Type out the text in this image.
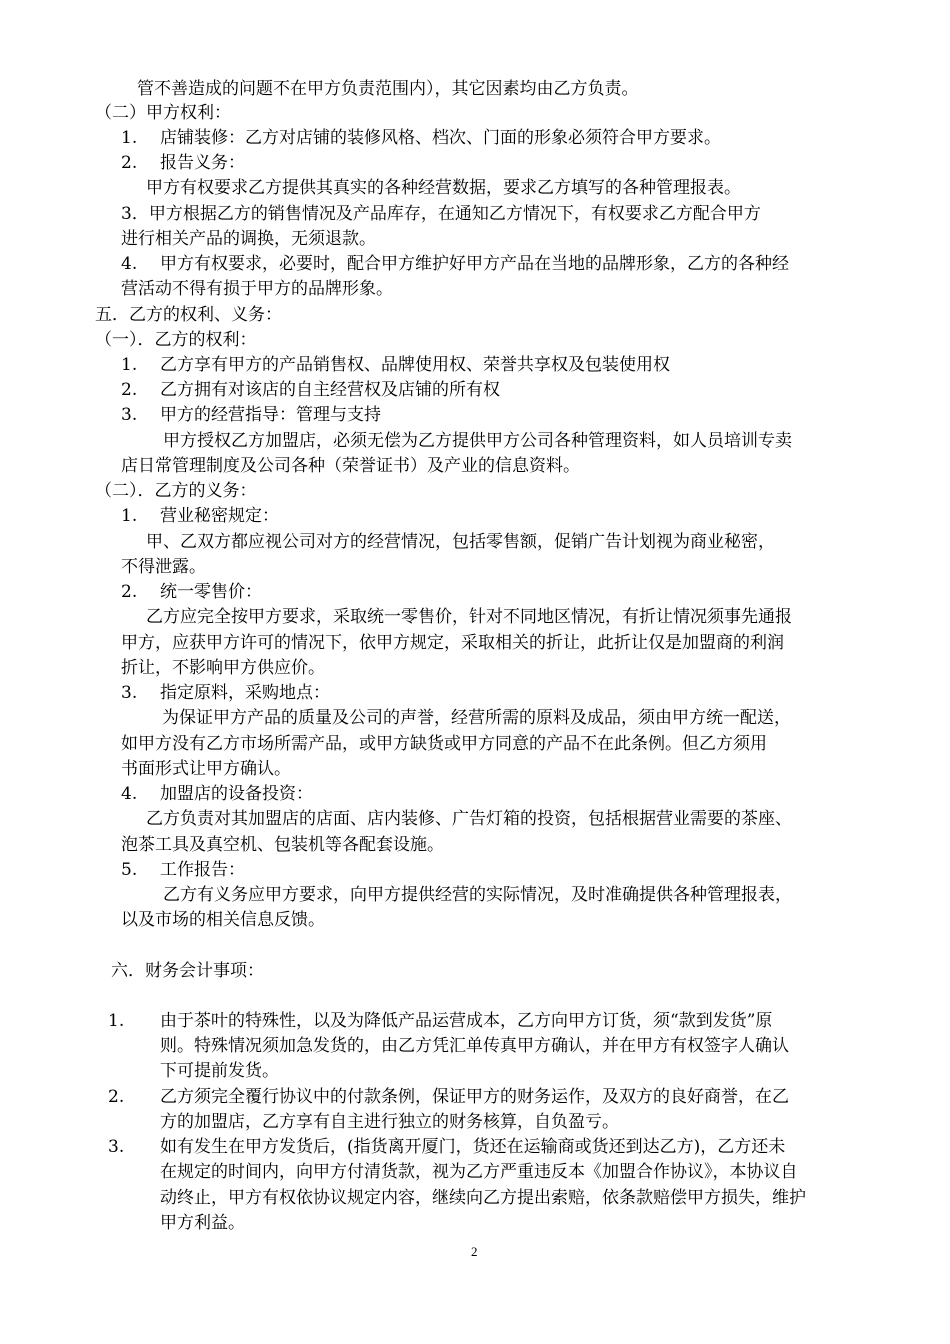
管不善造成的问题不在甲方负责范围内），其它因素均由乙方负责。
（二）甲方权利：
1. 店铺装修：乙方对店铺的装修风格、档次、门面的形象必须符合甲方要求。
2. 报告义务：
甲方有权要求乙方提供其真实的各种经营数据，要求乙方填写的各种管理报表。
3．甲方根据乙方的销售情况及产品库存，在通知乙方情况下，有权要求乙方配合甲方
进行相关产品的调换，无须退款。
4. 甲方有权要求，必要时，配合甲方维护好甲方产品在当地的品牌形象，乙方的各种经
营活动不得有损于甲方的品牌形象。
五．乙方的权利、义务：
（一）．乙方的权利：
1. 乙方享有甲方的产品销售权、品牌使用权、荣誉共享权及包装使用权
2. 乙方拥有对该店的自主经营权及店铺的所有权
3. 甲方的经营指导：管理与支持
甲方授权乙方加盟店，必须无偿为乙方提供甲方公司各种管理资料，如人员培训专卖
店日常管理制度及公司各种（荣誉证书）及产业的信息资料。
（二）．乙方的义务：
1. 营业秘密规定：
甲、乙双方都应视公司对方的经营情况，包括零售额，促销广告计划视为商业秘密，
不得泄露。
2. 统一零售价：
乙方应完全按甲方要求，采取统一零售价，针对不同地区情况，有折让情况须事先通报
甲方，应获甲方许可的情况下，依甲方规定，采取相关的折让，此折让仅是加盟商的利润
折让，不影响甲方供应价。
3. 指定原料，采购地点：
为保证甲方产品的质量及公司的声誉，经营所需的原料及成品，须由甲方统一配送，
如甲方没有乙方市场所需产品，或甲方缺货或甲方同意的产品不在此条例。但乙方须用
书面形式让甲方确认。
4. 加盟店的设备投资：
乙方负责对其加盟店的店面、店内装修、广告灯箱的投资，包括根据营业需要的茶座、
泡茶工具及真空机、包装机等各配套设施。
5. 工作报告：
乙方有义务应甲方要求，向甲方提供经营的实际情况，及时准确提供各种管理报表，
以及市场的相关信息反馈。
六．财务会计事项：
1. 由于茶叶的特殊性，以及为降低产品运营成本，乙方向甲方订货，须“款到发货”原
则。特殊情况须加急发货的，由乙方凭汇单传真甲方确认，并在甲方有权签字人确认
下可提前发货。
2. 乙方须完全覆行协议中的付款条例，保证甲方的财务运作，及双方的良好商誉，在乙
方的加盟店，乙方享有自主进行独立的财务核算，自负盈亏。
3. 如有发生在甲方发货后，(指货离开厦门，货还在运输商或货还到达乙方)，乙方还未
在规定的时间内，向甲方付清货款，视为乙方严重违反本《加盟合作协议》，本协议自
动终止，甲方有权依协议规定内容，继续向乙方提出索赔，依条款赔偿甲方损失，维护
甲方利益。
2
